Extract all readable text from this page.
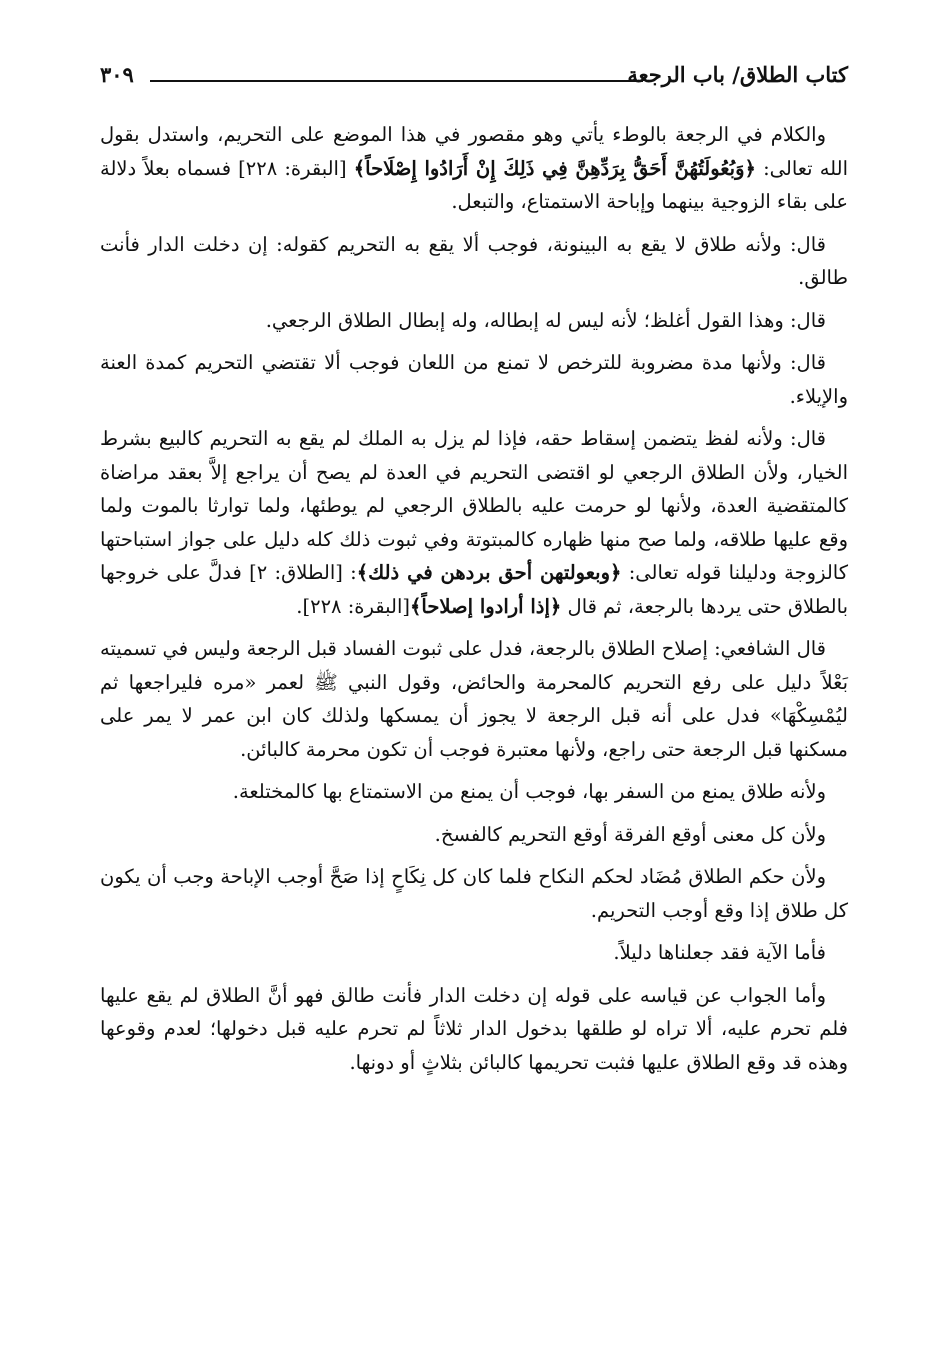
كتاب الطلاق/ باب الرجعة
٣٠٩

والكلام في الرجعة بالوطء يأتي وهو مقصور في هذا الموضع على التحريم، واستدل بقول الله تعالى: ﴿وَبُعُولَتُهُنَّ أَحَقُّ بِرَدِّهِنَّ فِي ذَلِكَ إِنْ أَرَادُوا إِصْلَاحاً﴾ [البقرة: ٢٢٨] فسماه بعلاً دلالة على بقاء الزوجية بينهما وإباحة الاستمتاع، والتبعل.

قال: ولأنه طلاق لا يقع به البينونة، فوجب ألا يقع به التحريم كقوله: إن دخلت الدار فأنت طالق.

قال: وهذا القول أغلظ؛ لأنه ليس له إبطاله، وله إبطال الطلاق الرجعي.

قال: ولأنها مدة مضروبة للترخص لا تمنع من اللعان فوجب ألا تقتضي التحريم كمدة العنة والإيلاء.

قال: ولأنه لفظ يتضمن إسقاط حقه، فإذا لم يزل به الملك لم يقع به التحريم كالبيع بشرط الخيار، ولأن الطلاق الرجعي لو اقتضى التحريم في العدة لم يصح أن يراجع إلاَّ بعقد مراضاة كالمتقضية العدة، ولأنها لو حرمت عليه بالطلاق الرجعي لم يوطئها، ولما توارثا بالموت ولما وقع عليها طلاقه، ولما صح منها ظهاره كالمبتوتة وفي ثبوت ذلك كله دليل على جواز استباحتها كالزوجة ودليلنا قوله تعالى: ﴿وبعولتهن أحق بردهن في ذلك﴾: [الطلاق: ٢] فدلَّ على خروجها بالطلاق حتى يردها بالرجعة، ثم قال ﴿إذا أرادوا إصلاحاً﴾[البقرة: ٢٢٨].

قال الشافعي: إصلاح الطلاق بالرجعة، فدل على ثبوت الفساد قبل الرجعة وليس في تسميته بَعْلاً دليل على رفع التحريم كالمحرمة والحائض، وقول النبي ﷺ لعمر «مره فليراجعها ثم ليُمْسِكْهَا» فدل على أنه قبل الرجعة لا يجوز أن يمسكها ولذلك كان ابن عمر لا يمر على مسكنها قبل الرجعة حتى راجع، ولأنها معتبرة فوجب أن تكون محرمة كالبائن.

ولأنه طلاق يمنع من السفر بها، فوجب أن يمنع من الاستمتاع بها كالمختلعة.

ولأن كل معنى أوقع الفرقة أوقع التحريم كالفسخ.

ولأن حكم الطلاق مُضَاد لحكم النكاح فلما كان كل نِكَاحٍ إذا صَحَّ أوجب الإباحة وجب أن يكون كل طلاق إذا وقع أوجب التحريم.

فأما الآية فقد جعلناها دليلاً.

وأما الجواب عن قياسه على قوله إن دخلت الدار فأنت طالق فهو أنَّ الطلاق لم يقع عليها فلم تحرم عليه، ألا تراه لو طلقها بدخول الدار ثلاثاً لم تحرم عليه قبل دخولها؛ لعدم وقوعها وهذه قد وقع الطلاق عليها فثبت تحريمها كالبائن بثلاثٍ أو دونها.
